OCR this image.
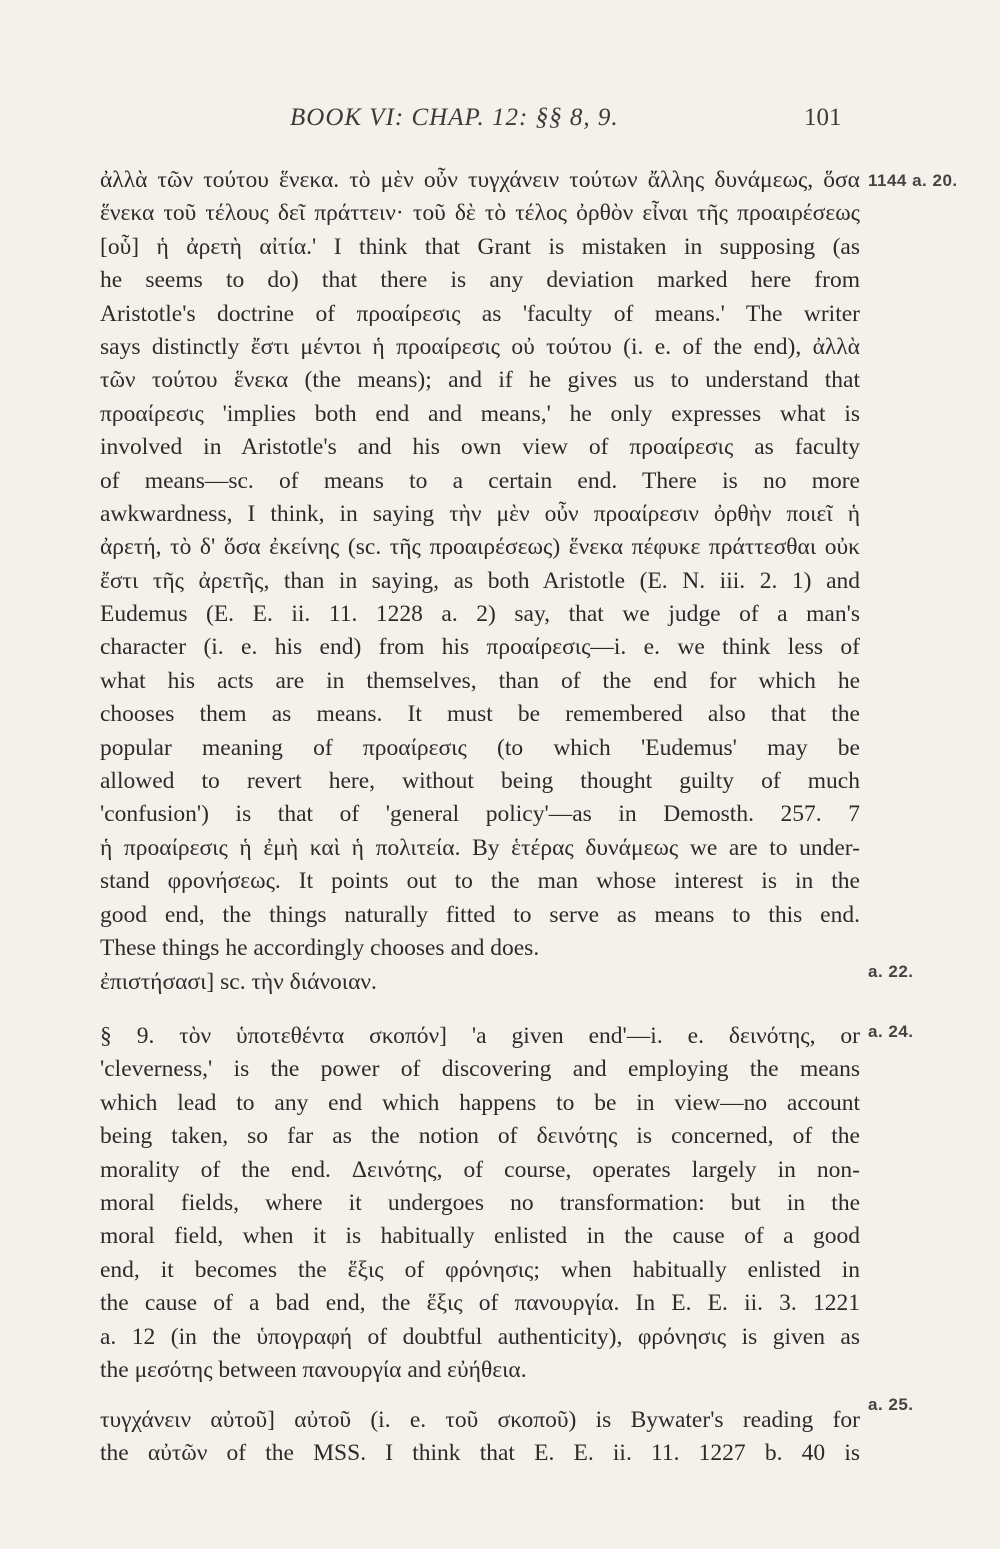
BOOK VI: CHAP. 12: §§ 8, 9.	101
ἀλλὰ τῶν τούτου ἕνεκα. τὸ μὲν οὖν τυγχάνειν τούτων ἄλλης δυνάμεως, ὅσα
ἕνεκα τοῦ τέλους δεῖ πράττειν· τοῦ δὲ τὸ τέλος ὀρθὸν εἶναι τῆς προαιρέσεως
[οὗ] ἡ ἀρετὴ αἰτία.' I think that Grant is mistaken in supposing (as
he seems to do) that there is any deviation marked here from
Aristotle's doctrine of προαίρεσις as 'faculty of means.' The writer
says distinctly ἔστι μέντοι ἡ προαίρεσις οὐ τούτου (i. e. of the end), ἀλλὰ
τῶν τούτου ἕνεκα (the means); and if he gives us to understand that
προαίρεσις 'implies both end and means,' he only expresses what is
involved in Aristotle's and his own view of προαίρεσις as faculty
of means—sc. of means to a certain end. There is no more
awkwardness, I think, in saying τὴν μὲν οὖν προαίρεσιν ὀρθὴν ποιεῖ ἡ
ἀρετή, τὸ δ' ὅσα ἐκείνης (sc. τῆς προαιρέσεως) ἕνεκα πέφυκε πράττεσθαι οὐκ
ἔστι τῆς ἀρετῆς, than in saying, as both Aristotle (E. N. iii. 2. 1) and
Eudemus (E. E. ii. 11. 1228 a. 2) say, that we judge of a man's
character (i. e. his end) from his προαίρεσις—i. e. we think less of
what his acts are in themselves, than of the end for which he
chooses them as means. It must be remembered also that the
popular meaning of προαίρεσις (to which 'Eudemus' may be
allowed to revert here, without being thought guilty of much
'confusion') is that of 'general policy'—as in Demosth. 257. 7
ἡ προαίρεσις ἡ ἐμὴ καὶ ἡ πολιτεία. By ἑτέρας δυνάμεως we are to under-
stand φρονήσεως. It points out to the man whose interest is in the
good end, the things naturally fitted to serve as means to this end.
These things he accordingly chooses and does.
ἐπιστήσασι] sc. τὴν διάνοιαν.
§ 9. τὸν ὑποτεθέντα σκοπόν] 'a given end'—i. e. δεινότης, or
'cleverness,' is the power of discovering and employing the means
which lead to any end which happens to be in view—no account
being taken, so far as the notion of δεινότης is concerned, of the
morality of the end. Δεινότης, of course, operates largely in non-
moral fields, where it undergoes no transformation: but in the
moral field, when it is habitually enlisted in the cause of a good
end, it becomes the ἕξις of φρόνησις; when habitually enlisted in
the cause of a bad end, the ἕξις of πανουργία. In E. E. ii. 3. 1221
a. 12 (in the ὑπογραφή of doubtful authenticity), φρόνησις is given as
the μεσότης between πανουργία and εὐήθεια.
τυγχάνειν αὐτοῦ] αὐτοῦ (i. e. τοῦ σκοποῦ) is Bywater's reading for
the αὐτῶν of the MSS. I think that E. E. ii. 11. 1227 b. 40 is
1144 a. 20.
a. 22.
a. 24.
a. 25.
